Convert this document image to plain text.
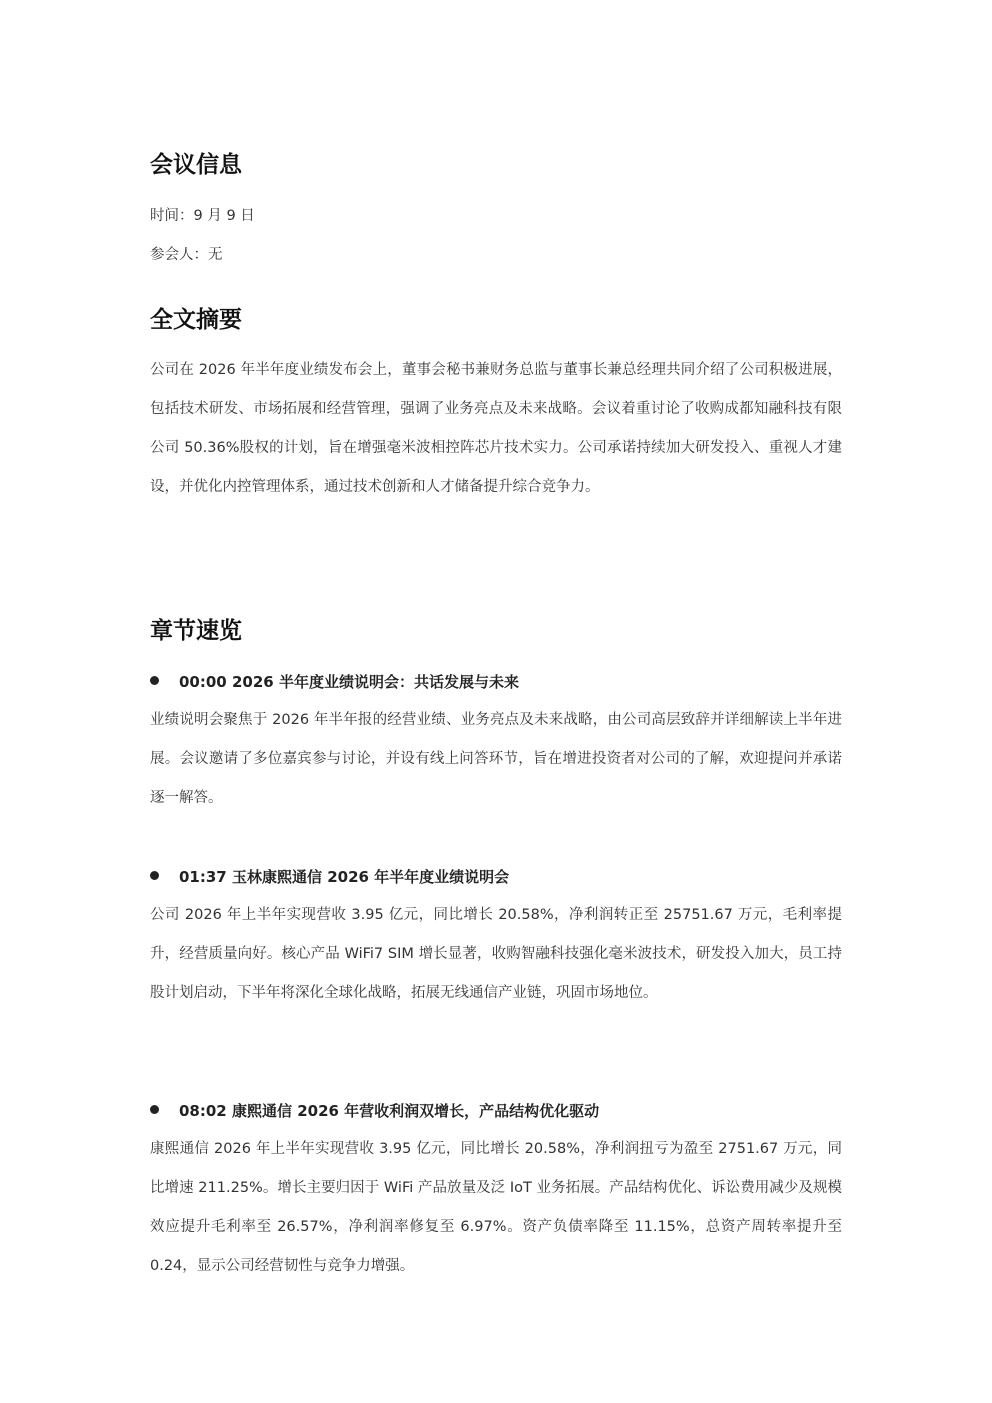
会议信息
时间：9 月 9 日
参会人：无
全文摘要

公司在 2026 年半年度业绩发布会上，董事会秘书兼财务总监与董事长兼总经理共同介绍了公司积极进展，包括技术研发、市场拓展和经营管理，强调了业务亮点及未来战略。会议着重讨论了收购成都知融科技有限公司 50.36%股权的计划，旨在增强毫米波相控阵芯片技术实力。公司承诺持续加大研发投入、重视人才建设，并优化内控管理体系，通过技术创新和人才储备提升综合竞争力。

章节速览
00:00 2026 半年度业绩说明会：共话发展与未来

业绩说明会聚焦于 2026 年半年报的经营业绩、业务亮点及未来战略，由公司高层致辞并详细解读上半年进展。会议邀请了多位嘉宾参与讨论，并设有线上问答环节，旨在增进投资者对公司的了解，欢迎提问并承诺逐一解答。

01:37 玉林康熙通信 2026 年半年度业绩说明会

公司 2026 年上半年实现营收 3.95 亿元，同比增长 20.58%，净利润转正至 25751.67 万元，毛利率提升，经营质量向好。核心产品 WiFi7 SIM 增长显著，收购智融科技强化毫米波技术，研发投入加大，员工持股计划启动，下半年将深化全球化战略，拓展无线通信产业链，巩固市场地位。

08:02 康熙通信 2026 年营收利润双增长，产品结构优化驱动

康熙通信 2026 年上半年实现营收 3.95 亿元，同比增长 20.58%，净利润扭亏为盈至 2751.67 万元，同比增速 211.25%。增长主要归因于 WiFi 产品放量及泛 IoT 业务拓展。产品结构优化、诉讼费用减少及规模效应提升毛利率至 26.57%，净利润率修复至 6.97%。资产负债率降至 11.15%，总资产周转率提升至 0.24，显示公司经营韧性与竞争力增强。
